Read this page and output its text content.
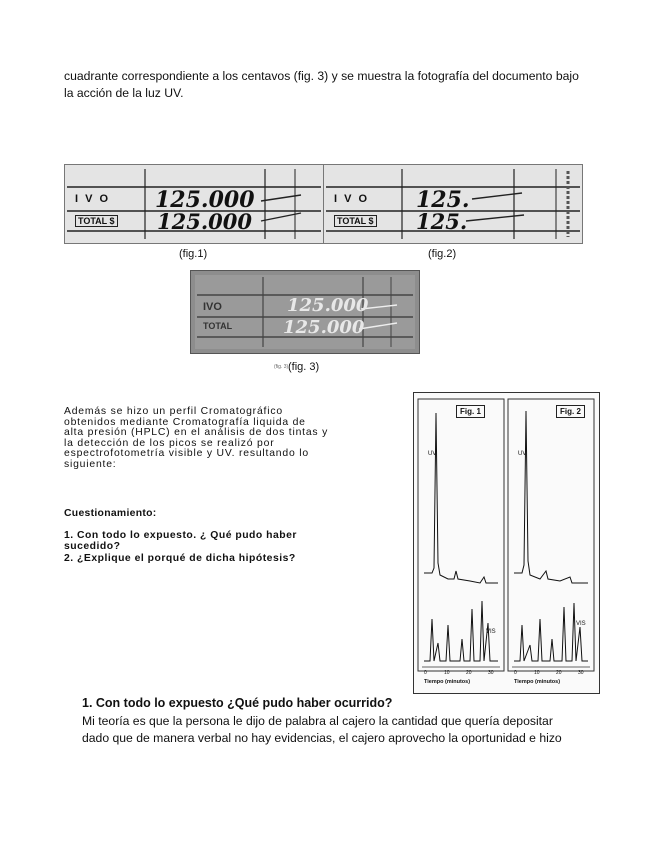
cuadrante correspondiente a los centavos (fig. 3) y se muestra la fotografía del documento bajo
la acción de la luz UV.
I V O
TOTAL $
125.000
125.000
I V O
TOTAL $
125.
125.
(fig.1)	(fig.2)
IVO
TOTAL
125.000
125.000
(fig. 3) (fig. 3)
Además se hizo un perfil Cromatográfico
obtenidos mediante Cromatografía liquida de
alta presión (HPLC) en el análisis de dos tintas y
la detección de los picos se realizó por
espectrofotometría visible y UV. resultando lo
siguiente:
Cuestionamiento:
1. Con todo lo expuesto. ¿ Qué pudo haber
sucedido?
2. ¿Explique el porqué de dicha hipótesis?
Fig. 1	Fig. 2
UV	UV
VIS
VIS
Tiempo (minutos)	Tiempo (minutos)
0	10	20	30	0	10	20	30
1. Con todo lo expuesto ¿Qué pudo haber ocurrido?
Mi teoría es que la persona le dijo de palabra al cajero la cantidad que quería depositar
dado que de manera verbal no hay evidencias, el cajero aprovecho la oportunidad e hizo
